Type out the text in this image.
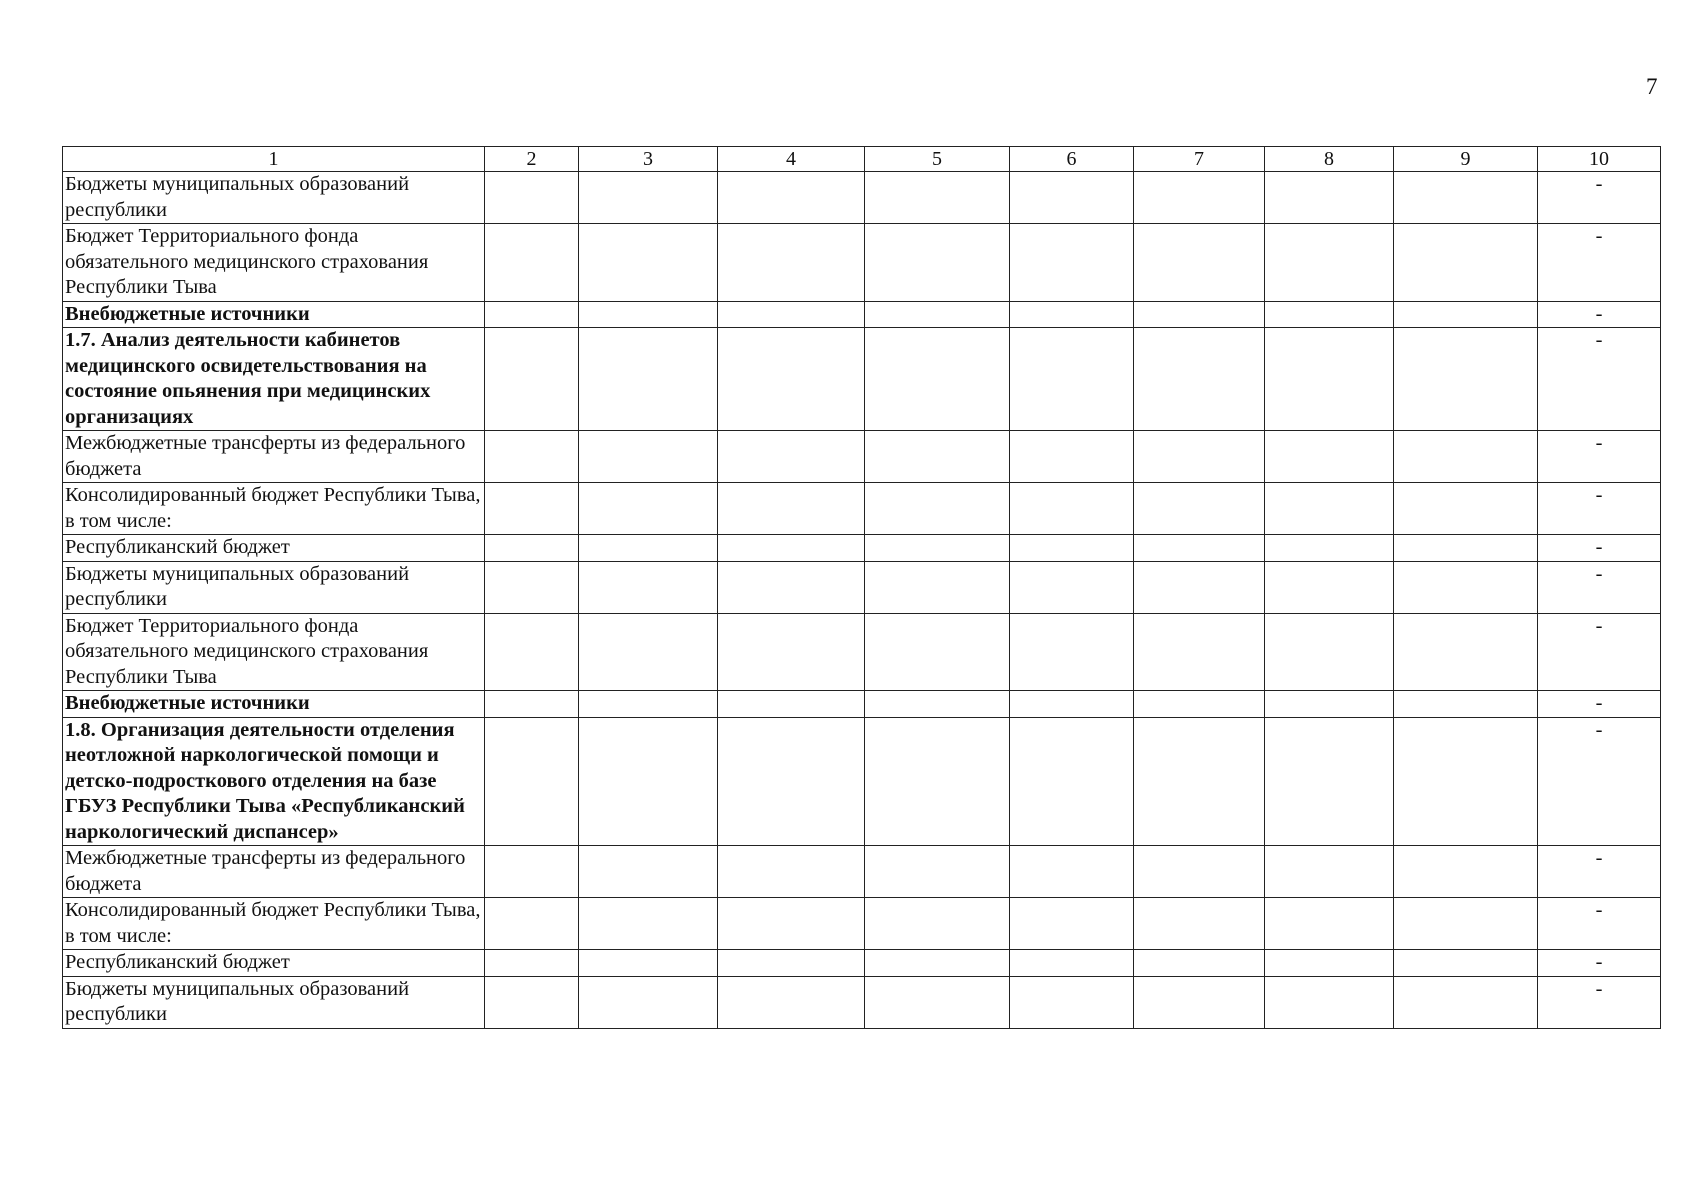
7
1	2	3	4	5	6	7	8	9	10
Бюджеты муниципальных образований республики									-
Бюджет Территориального фонда обязательного медицинского страхования Республики Тыва									-
Внебюджетные источники									-
1.7. Анализ деятельности кабинетов медицинского освидетельствования на состояние опьянения при медицинских организациях									-
Межбюджетные трансферты из федерального бюджета									-
Консолидированный бюджет Республики Тыва, в том числе:									-
Республиканский бюджет									-
Бюджеты муниципальных образований республики									-
Бюджет Территориального фонда обязательного медицинского страхования Республики Тыва									-
Внебюджетные источники									-
1.8. Организация деятельности отделения неотложной наркологической помощи и детско-подросткового отделения на базе ГБУЗ Республики Тыва «Республиканский наркологический диспансер»									-
Межбюджетные трансферты из федерального бюджета									-
Консолидированный бюджет Республики Тыва, в том числе:									-
Республиканский бюджет									-
Бюджеты муниципальных образований республики									-
